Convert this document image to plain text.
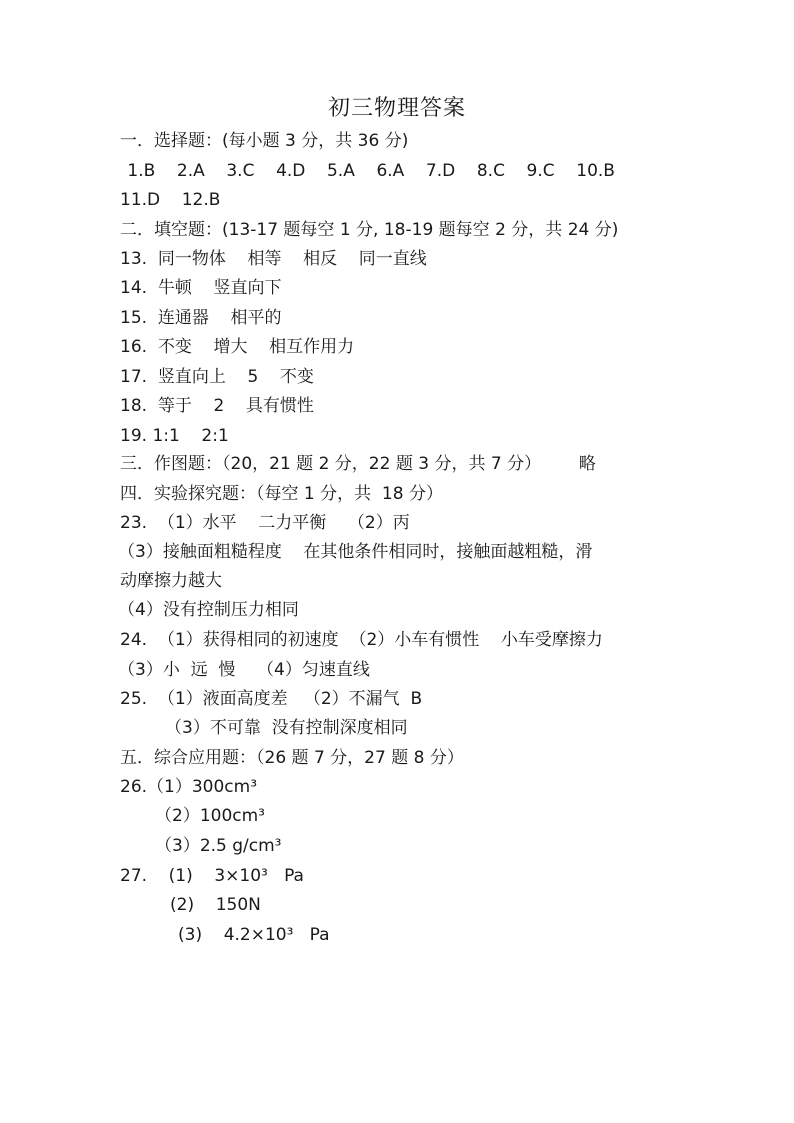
初三物理答案
一．选择题：(每小题 3 分，共 36 分)
1.B    2.A    3.C    4.D    5.A    6.A    7.D    8.C    9.C    10.B
11.D    12.B
二．填空题：(13-17 题每空 1 分, 18-19 题每空 2 分，共 24 分)
13.  同一物体    相等    相反    同一直线
14.  牛顿    竖直向下
15.  连通器    相平的
16.  不变    增大    相互作用力
17.  竖直向上    5    不变
18.  等于    2    具有惯性
19. 1:1    2:1
三．作图题：（20，21 题 2 分，22 题 3 分，共 7 分）       略
四．实验探究题：（每空 1 分，共  18 分）
23.  （1）水平    二力平衡    （2）丙
（3）接触面粗糙程度    在其他条件相同时，接触面越粗糙，滑
动摩擦力越大
（4）没有控制压力相同
24.  （1）获得相同的初速度  （2）小车有惯性    小车受摩擦力
（3）小  远  慢    （4）匀速直线
25.  （1）液面高度差   （2）不漏气  B
（3）不可靠  没有控制深度相同
五．综合应用题：（26 题 7 分，27 题 8 分）
26.（1）300cm³
（2）100cm³
（3）2.5 g/cm³
27.    (1)    3×10³   Pa
(2)    150N
(3)    4.2×10³   Pa
